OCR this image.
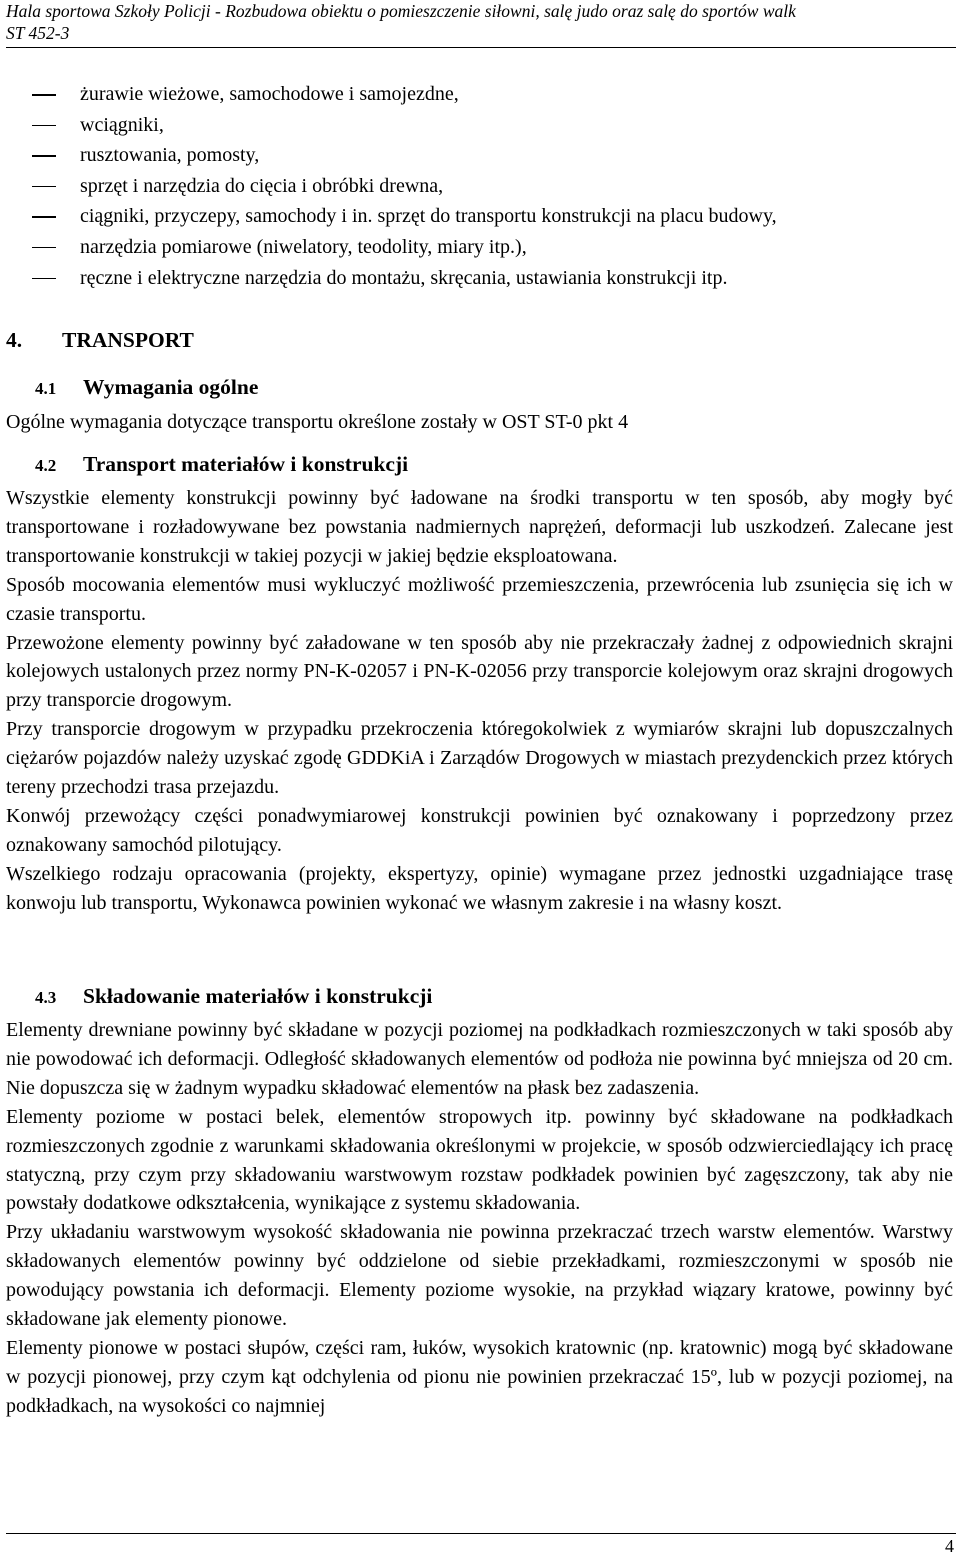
Hala sportowa Szkoły Policji - Rozbudowa obiektu o pomieszczenie siłowni, salę judo oraz salę do sportów walk
ST 452-3
żurawie wieżowe, samochodowe i samojezdne,
wciągniki,
rusztowania, pomosty,
sprzęt i narzędzia do cięcia i obróbki drewna,
ciągniki, przyczepy, samochody i in. sprzęt do transportu konstrukcji na placu budowy,
narzędzia pomiarowe (niwelatory, teodolity, miary itp.),
ręczne i elektryczne narzędzia do montażu, skręcania, ustawiania konstrukcji itp.
4. TRANSPORT
4.1 Wymagania ogólne

Ogólne wymagania dotyczące transportu określone zostały w OST ST-0 pkt 4

4.2 Transport materiałów i konstrukcji

Wszystkie elementy konstrukcji powinny być ładowane na środki transportu w ten sposób, aby mogły być transportowane i rozładowywane bez powstania nadmiernych naprężeń, deformacji lub uszkodzeń. Zalecane jest transportowanie konstrukcji w takiej pozycji w jakiej będzie eksploatowana.

Sposób mocowania elementów musi wykluczyć możliwość przemieszczenia, przewrócenia lub zsunięcia się ich w czasie transportu.

Przewożone elementy powinny być załadowane w ten sposób aby nie przekraczały żadnej z odpowiednich skrajni kolejowych ustalonych przez normy PN-K-02057 i PN-K-02056 przy transporcie kolejowym oraz skrajni drogowych przy transporcie drogowym.

Przy transporcie drogowym w przypadku przekroczenia któregokolwiek z wymiarów skrajni lub dopuszczalnych ciężarów pojazdów należy uzyskać zgodę GDDKiA i Zarządów Drogowych w miastach prezydenckich przez których tereny przechodzi trasa przejazdu.

Konwój przewożący części ponadwymiarowej konstrukcji powinien być oznakowany i poprzedzony przez oznakowany samochód pilotujący.

Wszelkiego rodzaju opracowania (projekty, ekspertyzy, opinie) wymagane przez jednostki uzgadniające trasę konwoju lub transportu, Wykonawca powinien wykonać we własnym zakresie i na własny koszt.

4.3 Składowanie materiałów i konstrukcji

Elementy drewniane powinny być składane w pozycji poziomej na podkładkach rozmieszczonych w taki sposób aby nie powodować ich deformacji. Odległość składowanych elementów od podłoża nie powinna być mniejsza od 20 cm. Nie dopuszcza się w żadnym wypadku składować elementów na płask bez zadaszenia.

Elementy poziome w postaci belek, elementów stropowych itp. powinny być składowane na podkładkach rozmieszczonych zgodnie z warunkami składowania określonymi w projekcie, w sposób odzwierciedlający ich pracę statyczną, przy czym przy składowaniu warstwowym rozstaw podkładek powinien być zagęszczony, tak aby nie powstały dodatkowe odkształcenia, wynikające z systemu składowania.

Przy układaniu warstwowym wysokość składowania nie powinna przekraczać trzech warstw elementów. Warstwy składowanych elementów powinny być oddzielone od siebie przekładkami, rozmieszczonymi w sposób nie powodujący powstania ich deformacji. Elementy poziome wysokie, na przykład wiązary kratowe, powinny być składowane jak elementy pionowe.

Elementy pionowe w postaci słupów, części ram, łuków, wysokich kratownic (np. kratownic) mogą być składowane w pozycji pionowej, przy czym kąt odchylenia od pionu nie powinien przekraczać 15º, lub w pozycji poziomej, na podkładkach, na wysokości co najmniej

4
